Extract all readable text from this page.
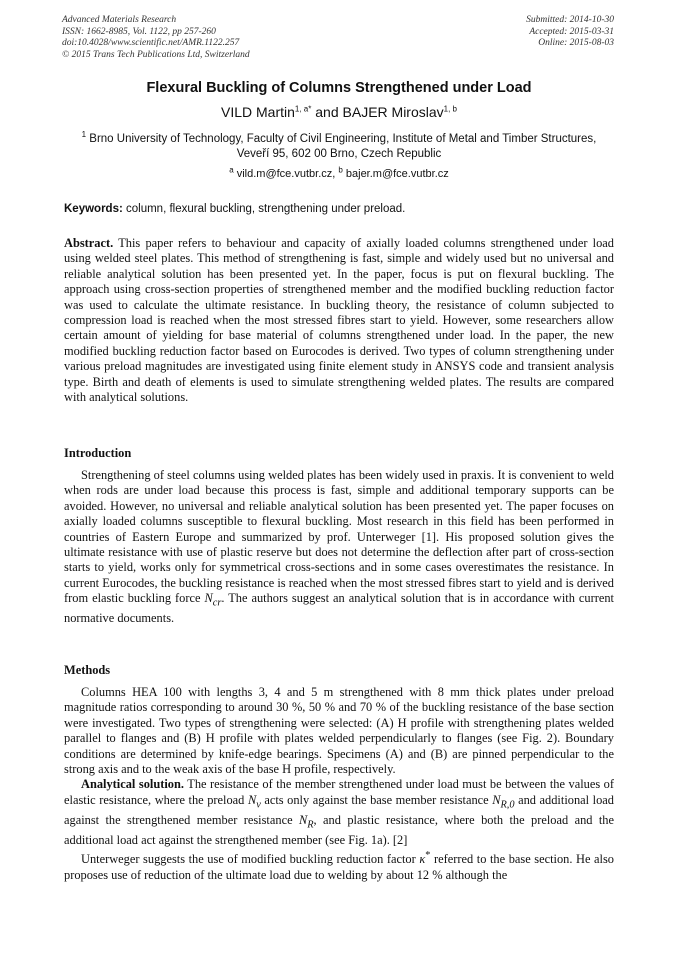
Advanced Materials Research
ISSN: 1662-8985, Vol. 1122, pp 257-260
doi:10.4028/www.scientific.net/AMR.1122.257
© 2015 Trans Tech Publications Ltd, Switzerland
Submitted: 2014-10-30
Accepted: 2015-03-31
Online: 2015-08-03
Flexural Buckling of Columns Strengthened under Load
VILD Martin$^{1, a*}$ and BAJER Miroslav$^{1, b}$
$^1$ Brno University of Technology, Faculty of Civil Engineering, Institute of Metal and Timber Structures, Veveří 95, 602 00 Brno, Czech Republic
$^a$ vild.m@fce.vutbr.cz, $^b$ bajer.m@fce.vutbr.cz
Keywords: column, flexural buckling, strengthening under preload.

Abstract. This paper refers to behaviour and capacity of axially loaded columns strengthened under load using welded steel plates. This method of strengthening is fast, simple and widely used but no universal and reliable analytical solution has been presented yet. In the paper, focus is put on flexural buckling. The approach using cross-section properties of strengthened member and the modified buckling reduction factor was used to calculate the ultimate resistance. In buckling theory, the resistance of column subjected to compression load is reached when the most stressed fibres start to yield. However, some researchers allow certain amount of yielding for base material of columns strengthened under load. In the paper, the new modified buckling reduction factor based on Eurocodes is derived. Two types of column strengthening under various preload magnitudes are investigated using finite element study in ANSYS code and transient analysis type. Birth and death of elements is used to simulate strengthening welded plates. The results are compared with analytical solutions.

Introduction

Strengthening of steel columns using welded plates has been widely used in praxis. It is convenient to weld when rods are under load because this process is fast, simple and additional temporary supports can be avoided. However, no universal and reliable analytical solution has been presented yet. The paper focuses on axially loaded columns susceptible to flexural buckling. Most research in this field has been performed in countries of Eastern Europe and summarized by prof. Unterweger [1]. His proposed solution gives the ultimate resistance with use of plastic reserve but does not determine the deflection after part of cross-section starts to yield, works only for symmetrical cross-sections and in some cases overestimates the resistance. In current Eurocodes, the buckling resistance is reached when the most stressed fibres start to yield and is derived from elastic buckling force $N_{cr}$. The authors suggest an analytical solution that is in accordance with current normative documents.

Methods

Columns HEA 100 with lengths 3, 4 and 5 m strengthened with 8 mm thick plates under preload magnitude ratios corresponding to around 30 %, 50 % and 70 % of the buckling resistance of the base section were investigated. Two types of strengthening were selected: (A) H profile with strengthening plates welded parallel to flanges and (B) H profile with plates welded perpendicularly to flanges (see Fig. 2). Boundary conditions are determined by knife-edge bearings. Specimens (A) and (B) are pinned perpendicular to the strong axis and to the weak axis of the base H profile, respectively.

Analytical solution. The resistance of the member strengthened under load must be between the values of elastic resistance, where the preload $N_v$ acts only against the base member resistance $N_{R,0}$ and additional load against the strengthened member resistance $N_R$, and plastic resistance, where both the preload and the additional load act against the strengthened member (see Fig. 1a). [2]

Unterweger suggests the use of modified buckling reduction factor κ* referred to the base section. He also proposes use of reduction of the ultimate load due to welding by about 12 % although the
